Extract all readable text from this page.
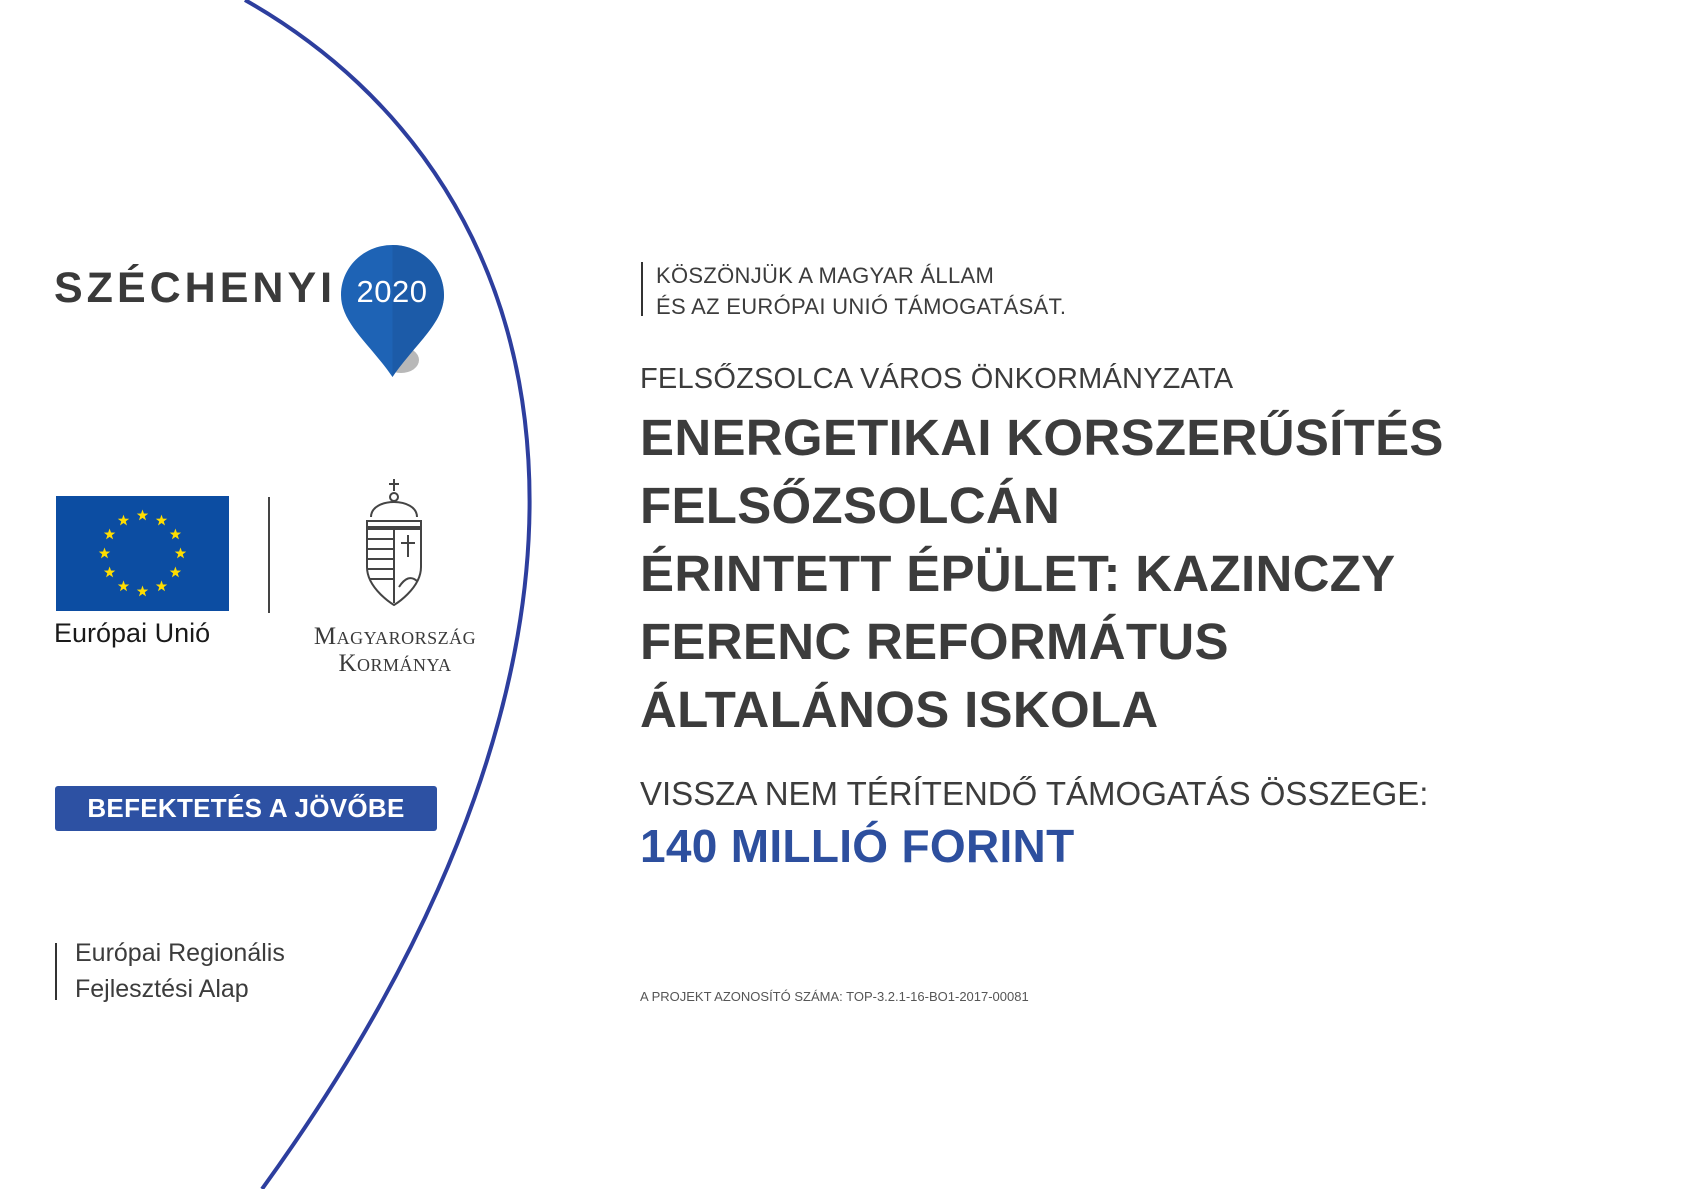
SZÉCHENYI 2020
Európai Unió	Magyarország
Kormánya
BEFEKTETÉS A JÖVŐBE
Európai Regionális
Fejlesztési Alap
KÖSZÖNJÜK A MAGYAR ÁLLAM
ÉS AZ EURÓPAI UNIÓ TÁMOGATÁSÁT.
FELSŐZSOLCA VÁROS ÖNKORMÁNYZATA
ENERGETIKAI KORSZERŰSÍTÉS
FELSŐZSOLCÁN
ÉRINTETT ÉPÜLET: KAZINCZY
FERENC REFORMÁTUS
ÁLTALÁNOS ISKOLA
VISSZA NEM TÉRÍTENDŐ TÁMOGATÁS ÖSSZEGE:
140 MILLIÓ FORINT
A PROJEKT AZONOSÍTÓ SZÁMA: TOP-3.2.1-16-BO1-2017-00081
